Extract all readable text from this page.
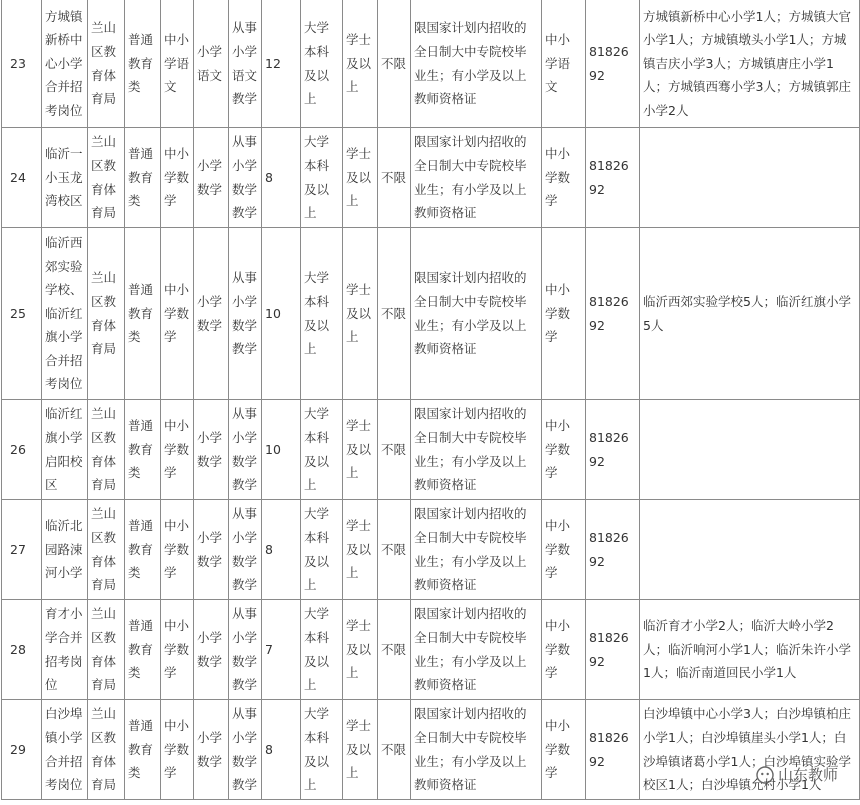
23	方城镇新桥中心小学合并招考岗位	兰山区教育体育局	普通教育类	中小学语文	小学语文	从事小学语文教学	12	大学本科及以上	学士及以上	不限	限国家计划内招收的全日制大中专院校毕业生；有小学及以上教师资格证	中小学语文	8182692	方城镇新桥中心小学1人；方城镇大官小学1人；方城镇墩头小学1人；方城镇吉庆小学3人；方城镇唐庄小学1人；方城镇西骞小学3人；方城镇郭庄小学2人
24	临沂一小玉龙湾校区	兰山区教育体育局	普通教育类	中小学数学	小学数学	从事小学数学教学	8	大学本科及以上	学士及以上	不限	限国家计划内招收的全日制大中专院校毕业生；有小学及以上教师资格证	中小学数学	8182692	
25	临沂西郊实验学校、临沂红旗小学合并招考岗位	兰山区教育体育局	普通教育类	中小学数学	小学数学	从事小学数学教学	10	大学本科及以上	学士及以上	不限	限国家计划内招收的全日制大中专院校毕业生；有小学及以上教师资格证	中小学数学	8182692	临沂西郊实验学校5人；临沂红旗小学5人
26	临沂红旗小学启阳校区	兰山区教育体育局	普通教育类	中小学数学	小学数学	从事小学数学教学	10	大学本科及以上	学士及以上	不限	限国家计划内招收的全日制大中专院校毕业生；有小学及以上教师资格证	中小学数学	8182692	
27	临沂北园路涑河小学	兰山区教育体育局	普通教育类	中小学数学	小学数学	从事小学数学教学	8	大学本科及以上	学士及以上	不限	限国家计划内招收的全日制大中专院校毕业生；有小学及以上教师资格证	中小学数学	8182692	
28	育才小学合并招考岗位	兰山区教育体育局	普通教育类	中小学数学	小学数学	从事小学数学教学	7	大学本科及以上	学士及以上	不限	限国家计划内招收的全日制大中专院校毕业生；有小学及以上教师资格证	中小学数学	8182692	临沂育才小学2人；临沂大岭小学2人；临沂响河小学1人；临沂朱许小学1人；临沂南道回民小学1人
29	白沙埠镇小学合并招考岗位	兰山区教育体育局	普通教育类	中小学数学	小学数学	从事小学数学教学	8	大学本科及以上	学士及以上	不限	限国家计划内招收的全日制大中专院校毕业生；有小学及以上教师资格证	中小学数学	8182692	白沙埠镇中心小学3人；白沙埠镇柏庄小学1人；白沙埠镇崖头小学1人；白沙埠镇诸葛小学1人；白沙埠镇实验学校区1人；白沙埠镇允村小学1人
山东教师
